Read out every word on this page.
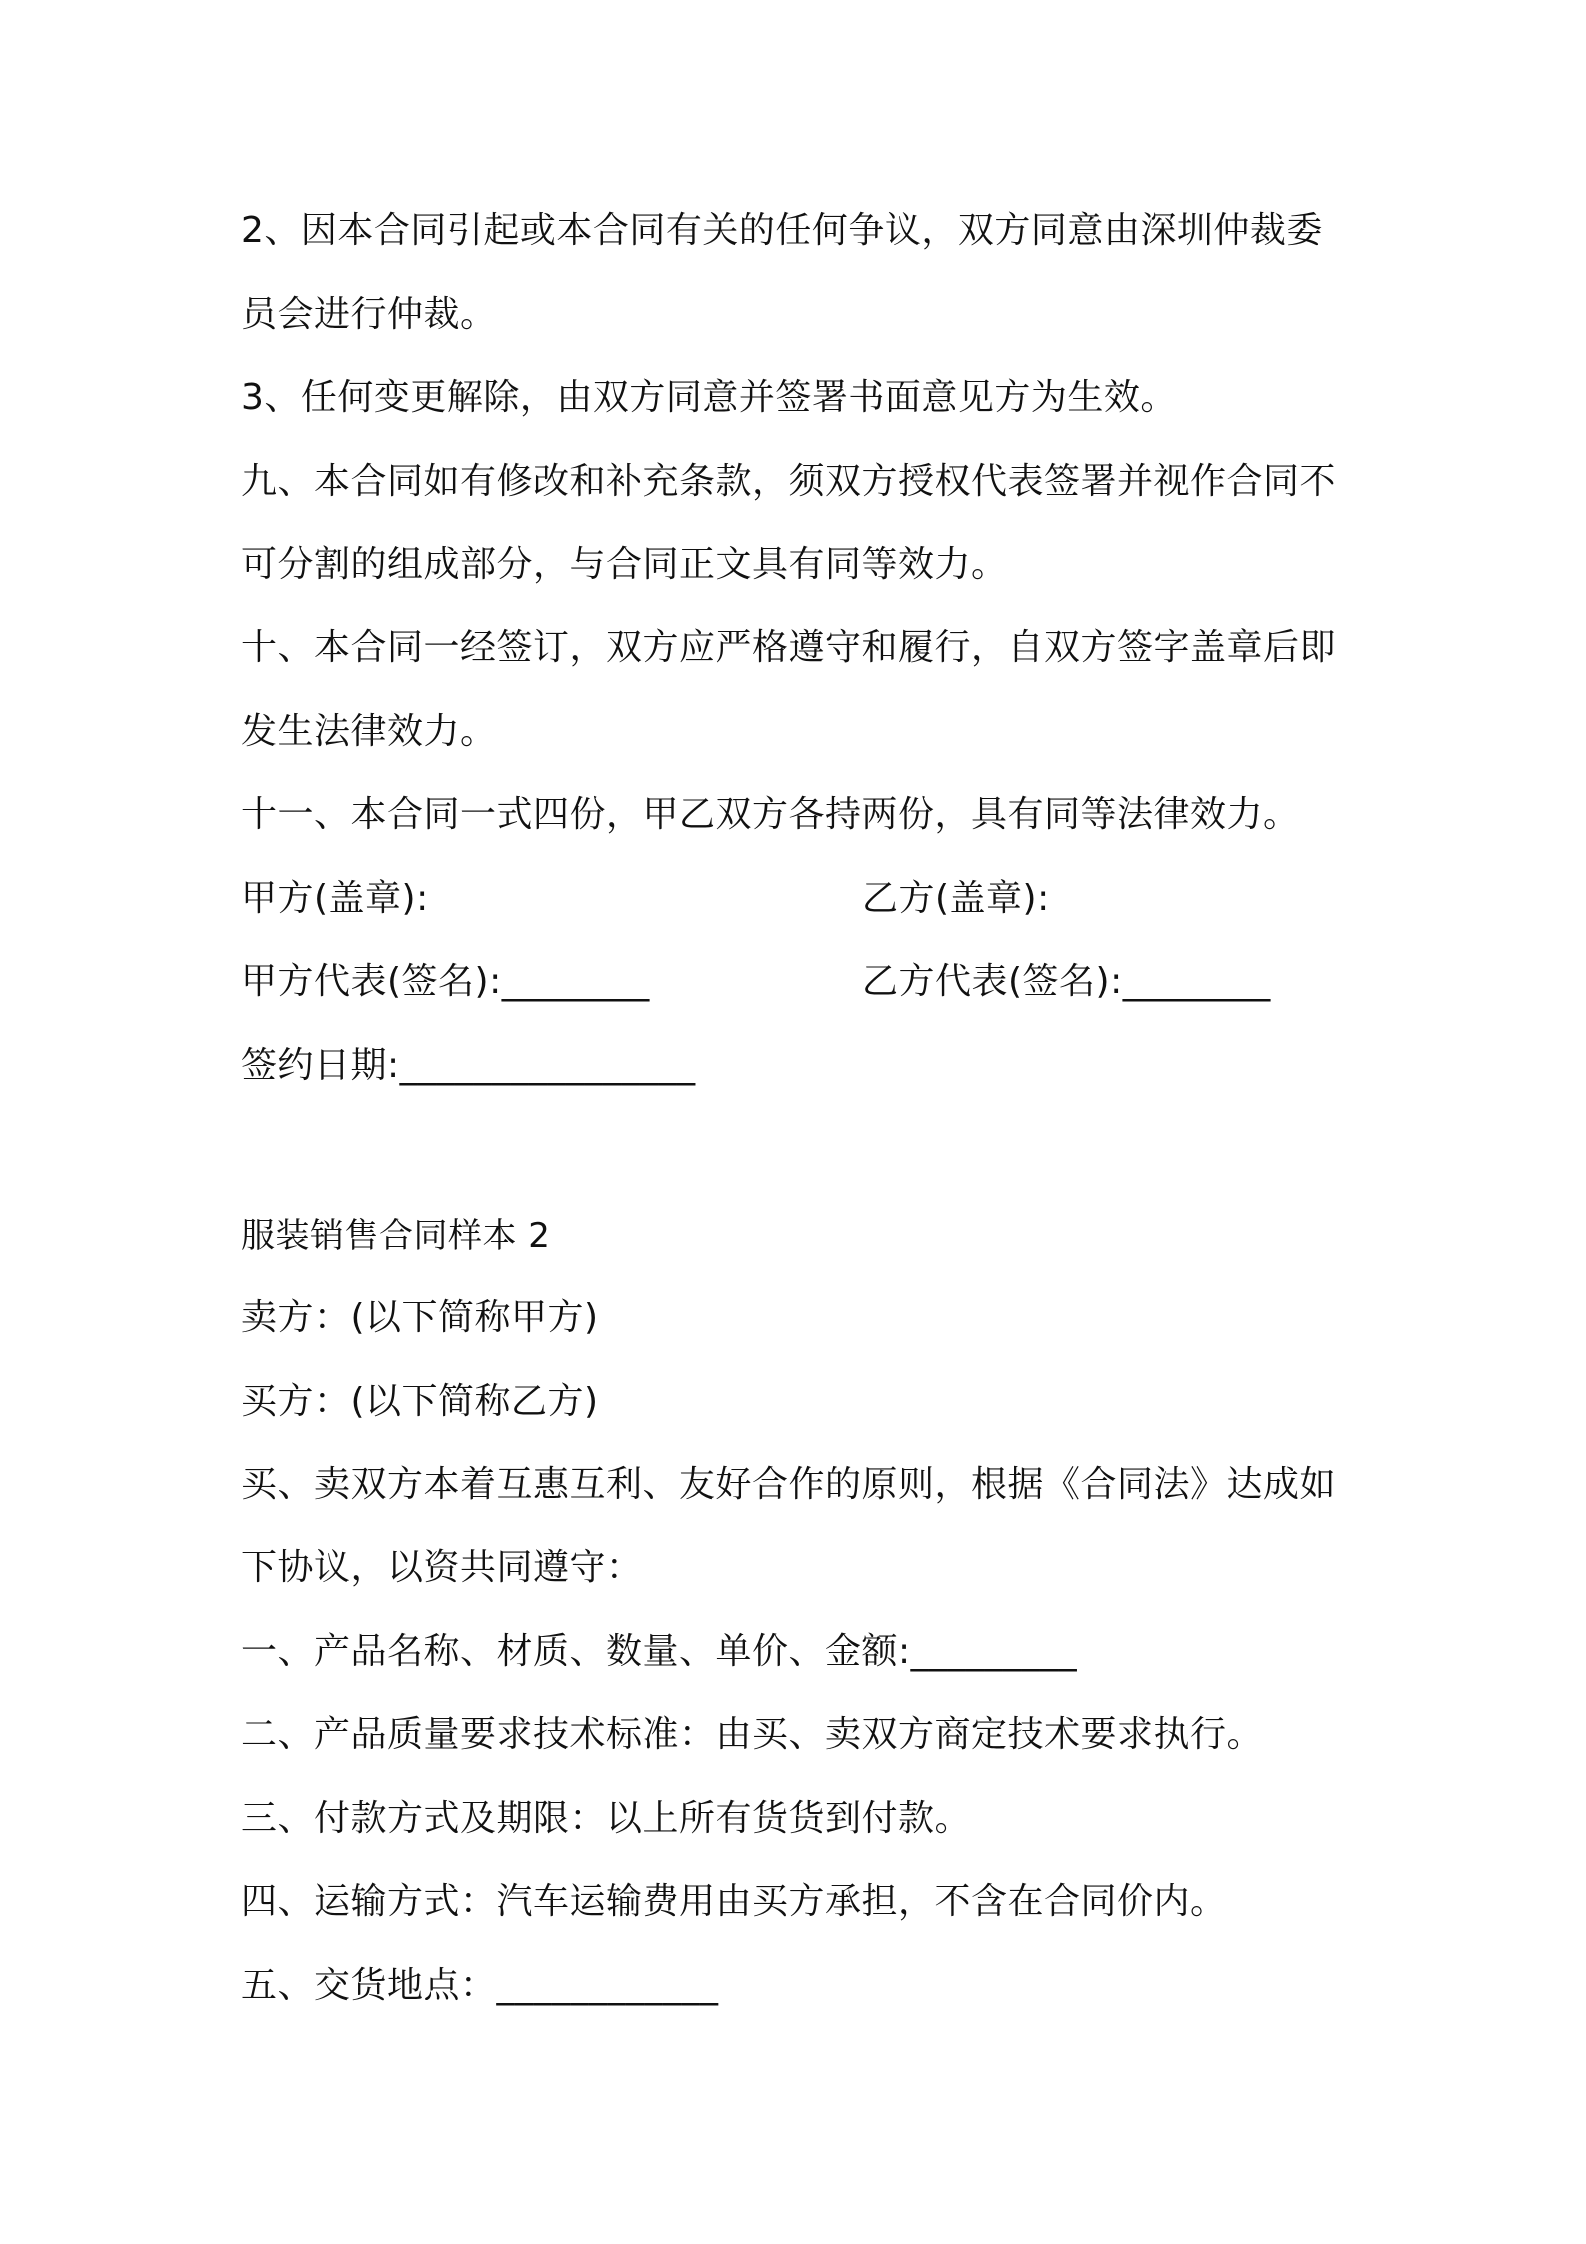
2、因本合同引起或本合同有关的任何争议，双方同意由深圳仲裁委
员会进行仲裁。
3、任何变更解除，由双方同意并签署书面意见方为生效。
九、本合同如有修改和补充条款，须双方授权代表签署并视作合同不
可分割的组成部分，与合同正文具有同等效力。
十、本合同一经签订，双方应严格遵守和履行，自双方签字盖章后即
发生法律效力。
十一、本合同一式四份，甲乙双方各持两份，具有同等法律效力。
甲方(盖章):	乙方(盖章):
甲方代表(签名):________	乙方代表(签名):________
签约日期:________________
服装销售合同样本 2
卖方：(以下简称甲方)
买方：(以下简称乙方)
买、卖双方本着互惠互利、友好合作的原则，根据《合同法》达成如
下协议，以资共同遵守：
一、产品名称、材质、数量、单价、金额:_________
二、产品质量要求技术标准：由买、卖双方商定技术要求执行。
三、付款方式及期限：以上所有货货到付款。
四、运输方式：汽车运输费用由买方承担，不含在合同价内。
五、交货地点：____________
